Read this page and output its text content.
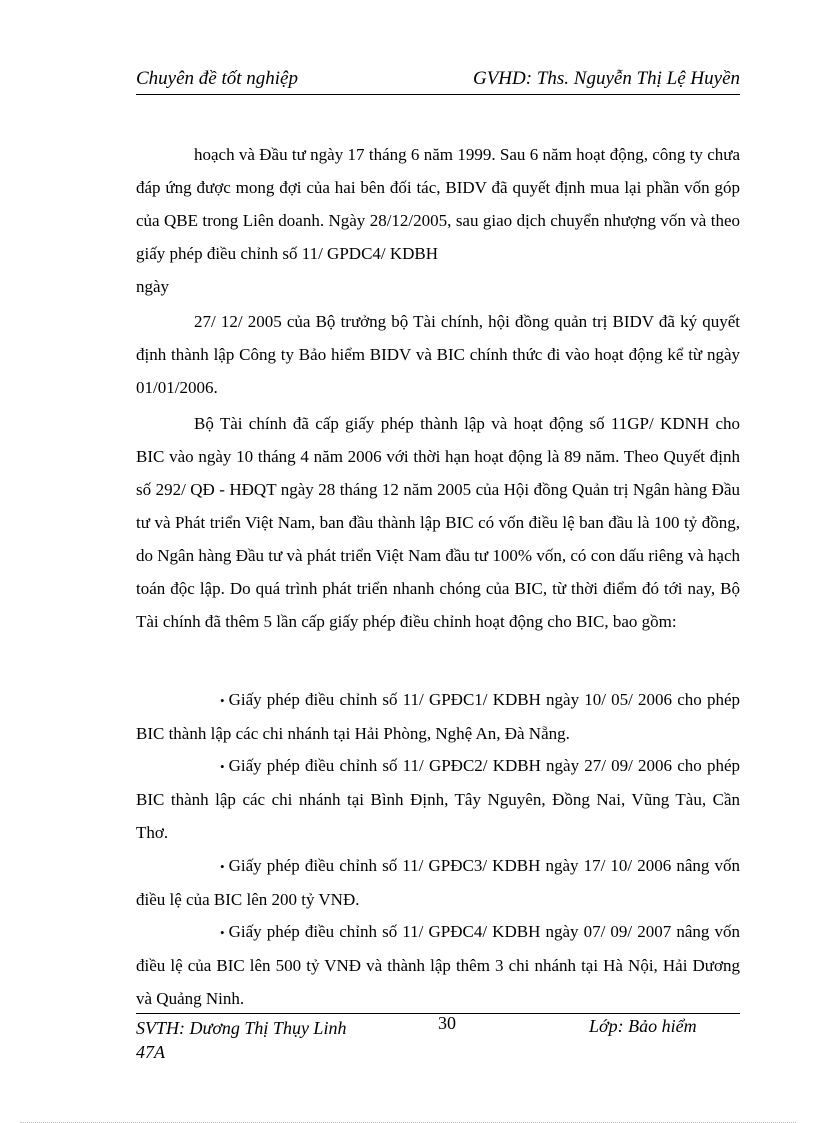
Chuyên đề tốt nghiệp	GVHD: Ths. Nguyễn Thị Lệ Huyền
hoạch và Đầu tư ngày 17 tháng 6 năm 1999. Sau 6 năm hoạt động, công ty chưa đáp ứng được mong đợi của hai bên đối tác, BIDV đã quyết định mua lại phần vốn góp của QBE trong Liên doanh. Ngày 28/12/2005, sau giao dịch chuyển nhượng vốn và theo giấy phép điều chỉnh số 11/ GPDC4/ KDBH
ngày
27/ 12/ 2005 của Bộ trưởng bộ Tài chính, hội đồng quản trị BIDV đã ký quyết định thành lập Công ty Bảo hiểm BIDV và BIC chính thức đi vào hoạt động kể từ ngày 01/01/2006.
Bộ Tài chính đã cấp giấy phép thành lập và hoạt động số 11GP/ KDNH cho BIC vào ngày 10 tháng 4 năm 2006 với thời hạn hoạt động là 89 năm. Theo Quyết định số 292/ QĐ - HĐQT ngày 28 tháng 12 năm 2005 của Hội đồng Quản trị Ngân hàng Đầu tư và Phát triển Việt Nam, ban đầu thành lập BIC có vốn điều lệ ban đầu là 100 tỷ đồng, do Ngân hàng Đầu tư và phát triển Việt Nam đầu tư 100% vốn, có con dấu riêng và hạch toán độc lập. Do quá trình phát triển nhanh chóng của BIC, từ thời điểm đó tới nay, Bộ Tài chính đã thêm 5 lần cấp giấy phép điều chỉnh hoạt động cho BIC, bao gồm:
• Giấy phép điều chỉnh số 11/ GPĐC1/ KDBH ngày 10/ 05/ 2006 cho phép BIC thành lập các chi nhánh tại Hải Phòng, Nghệ An, Đà Nẵng.
• Giấy phép điều chỉnh số 11/ GPĐC2/ KDBH ngày 27/ 09/ 2006 cho phép BIC thành lập các chi nhánh tại Bình Định, Tây Nguyên, Đồng Nai, Vũng Tàu, Cần Thơ.
• Giấy phép điều chỉnh số 11/ GPĐC3/ KDBH ngày 17/ 10/ 2006 nâng vốn điều lệ của BIC lên 200 tỷ VNĐ.
• Giấy phép điều chỉnh số 11/ GPĐC4/ KDBH ngày 07/ 09/ 2007 nâng vốn điều lệ của BIC lên 500 tỷ VNĐ và thành lập thêm 3 chi nhánh tại Hà Nội, Hải Dương và Quảng Ninh.
SVTH: Dương Thị Thụy Linh 47A
30	Lớp: Bảo hiểm
